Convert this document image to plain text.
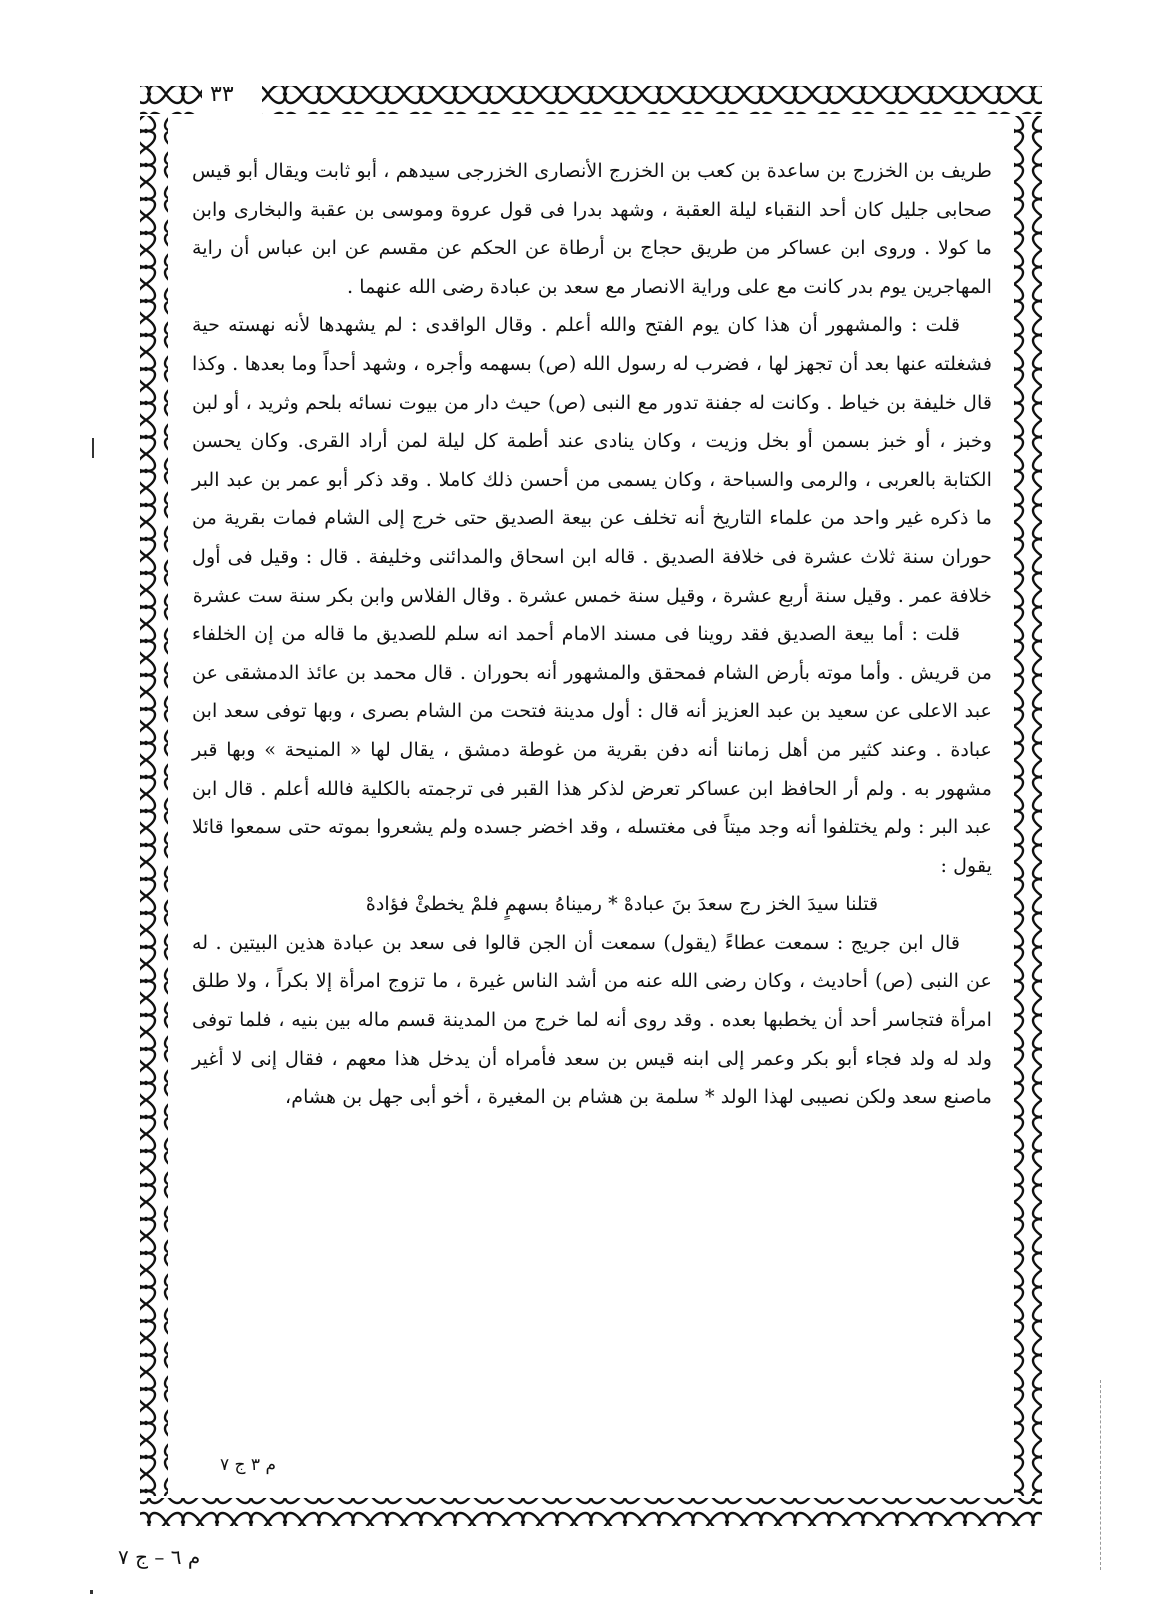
٣٣

طريف بن الخزرج بن ساعدة بن كعب بن الخزرج الأنصارى الخزرجى سيدهم ، أبو ثابت ويقال أبو قيس صحابى جليل كان أحد النقباء ليلة العقبة ، وشهد بدرا فى قول عروة وموسى بن عقبة والبخارى وابن ما كولا . وروى ابن عساكر من طريق حجاج بن أرطاة عن الحكم عن مقسم عن ابن عباس أن راية المهاجرين يوم بدر كانت مع على وراية الانصار مع سعد بن عبادة رضى الله عنهما .

قلت : والمشهور أن هذا كان يوم الفتح والله أعلم . وقال الواقدى : لم يشهدها لأنه نهسته حية فشغلته عنها بعد أن تجهز لها ، فضرب له رسول الله (ص) بسهمه وأجره ، وشهد أحداً وما بعدها . وكذا قال خليفة بن خياط . وكانت له جفنة تدور مع النبى (ص) حيث دار من بيوت نسائه بلحم وثريد ، أو لبن وخبز ، أو خبز بسمن أو بخل وزيت ، وكان ينادى عند أطمة كل ليلة لمن أراد القرى. وكان يحسن الكتابة بالعربى ، والرمى والسباحة ، وكان يسمى من أحسن ذلك كاملا . وقد ذكر أبو عمر بن عبد البر ما ذكره غير واحد من علماء التاريخ أنه تخلف عن بيعة الصديق حتى خرج إلى الشام فمات بقرية من حوران سنة ثلاث عشرة فى خلافة الصديق . قاله ابن اسحاق والمدائنى وخليفة . قال : وقيل فى أول خلافة عمر . وقيل سنة أربع عشرة ، وقيل سنة خمس عشرة . وقال الفلاس وابن بكر سنة ست عشرة

قلت : أما بيعة الصديق فقد روينا فى مسند الامام أحمد انه سلم للصديق ما قاله من إن الخلفاء من قريش . وأما موته بأرض الشام فمحقق والمشهور أنه بحوران . قال محمد بن عائذ الدمشقى عن عبد الاعلى عن سعيد بن عبد العزيز أنه قال : أول مدينة فتحت من الشام بصرى ، وبها توفى سعد ابن عبادة . وعند كثير من أهل زماننا أنه دفن بقرية من غوطة دمشق ، يقال لها « المنيحة » وبها قبر مشهور به . ولم أر الحافظ ابن عساكر تعرض لذكر هذا القبر فى ترجمته بالكلية فالله أعلم . قال ابن عبد البر : ولم يختلفوا أنه وجد ميتاً فى مغتسله ، وقد اخضر جسده ولم يشعروا بموته حتى سمعوا قائلا يقول :

قتلنا سيدَ الخز رج سعدَ بنَ عبادهْ * رميناهُ بسهمٍ فلمْ يخطئْ فؤادهْ

قال ابن جريج : سمعت عطاءً (يقول) سمعت أن الجن قالوا فى سعد بن عبادة هذين البيتين . له عن النبى (ص) أحاديث ، وكان رضى الله عنه من أشد الناس غيرة ، ما تزوج امرأة إلا بكراً ، ولا طلق امرأة فتجاسر أحد أن يخطبها بعده . وقد روى أنه لما خرج من المدينة قسم ماله بين بنيه ، فلما توفى ولد له ولد فجاء أبو بكر وعمر إلى ابنه قيس بن سعد فأمراه أن يدخل هذا معهم ، فقال إنى لا أغير ماصنع سعد ولكن نصيبى لهذا الولد * سلمة بن هشام بن المغيرة ، أخو أبى جهل بن هشام،

م ٣ ج ٧
م ٦ – ج ٧
